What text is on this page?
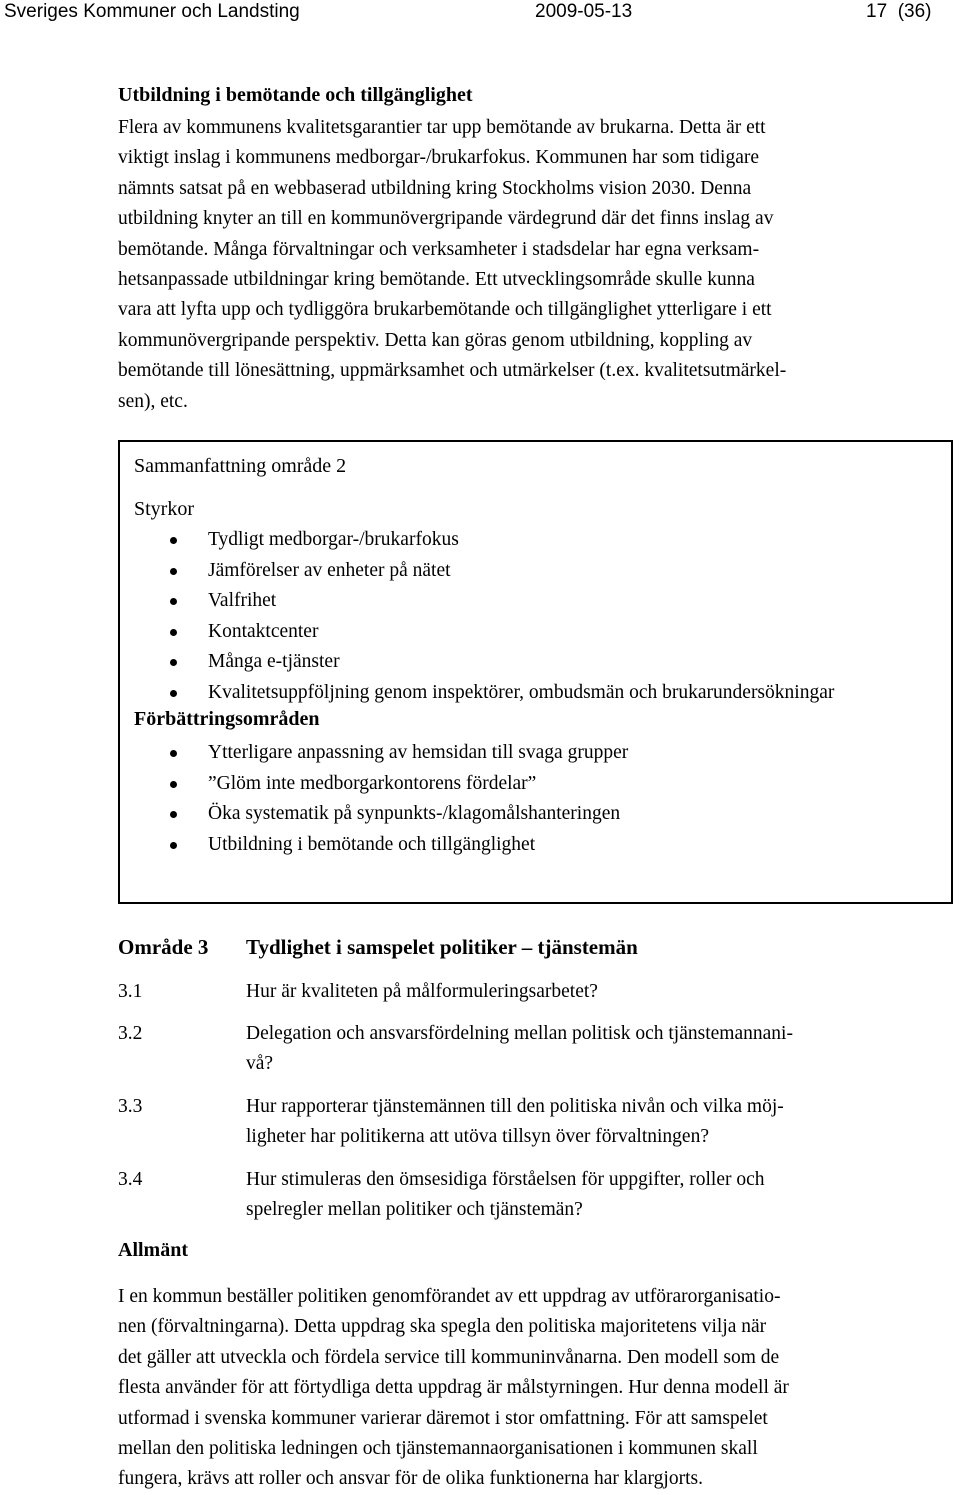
Sveriges Kommuner och Landsting	2009-05-13	17  (36)
Utbildning i bemötande och tillgänglighet

Flera av kommunens kvalitetsgarantier tar upp bemötande av brukarna. Detta är ett
viktigt inslag i kommunens medborgar-/brukarfokus. Kommunen har som tidigare
nämnts satsat på en webbaserad utbildning kring Stockholms vision 2030. Denna
utbildning knyter an till en kommunövergripande värdegrund där det finns inslag av
bemötande. Många förvaltningar och verksamheter i stadsdelar har egna verksam-
hetsanpassade utbildningar kring bemötande. Ett utvecklingsområde skulle kunna
vara att lyfta upp och tydliggöra brukarbemötande och tillgänglighet ytterligare i ett
kommunövergripande perspektiv. Detta kan göras genom utbildning, koppling av
bemötande till lönesättning, uppmärksamhet och utmärkelser (t.ex. kvalitetsutmärkel-
sen), etc.

Sammanfattning område 2
Styrkor
Tydligt medborgar-/brukarfokus
Jämförelser av enheter på nätet
Valfrihet
Kontaktcenter
Många e-tjänster
Kvalitetsuppföljning genom inspektörer, ombudsmän och brukarundersökningar
Förbättringsområden
Ytterligare anpassning av hemsidan till svaga grupper
”Glöm inte medborgarkontorens fördelar”
Öka systematik på synpunkts-/klagomålshanteringen
Utbildning i bemötande och tillgänglighet
Område 3 Tydlighet i samspelet politiker – tjänstemän
3.1	Hur är kvaliteten på målformuleringsarbetet?
3.2	Delegation och ansvarsfördelning mellan politisk och tjänstemannani-
vå?
3.3	Hur rapporterar tjänstemännen till den politiska nivån och vilka möj-
ligheter har politikerna att utöva tillsyn över förvaltningen?
3.4	Hur stimuleras den ömsesidiga förståelsen för uppgifter, roller och
spelregler mellan politiker och tjänstemän?
Allmänt

I en kommun beställer politiken genomförandet av ett uppdrag av utförarorganisatio-
nen (förvaltningarna). Detta uppdrag ska spegla den politiska majoritetens vilja när
det gäller att utveckla och fördela service till kommuninvånarna. Den modell som de
flesta använder för att förtydliga detta uppdrag är målstyrningen. Hur denna modell är
utformad i svenska kommuner varierar däremot i stor omfattning. För att samspelet
mellan den politiska ledningen och tjänstemannaorganisationen i kommunen skall
fungera, krävs att roller och ansvar för de olika funktionerna har klargjorts.
